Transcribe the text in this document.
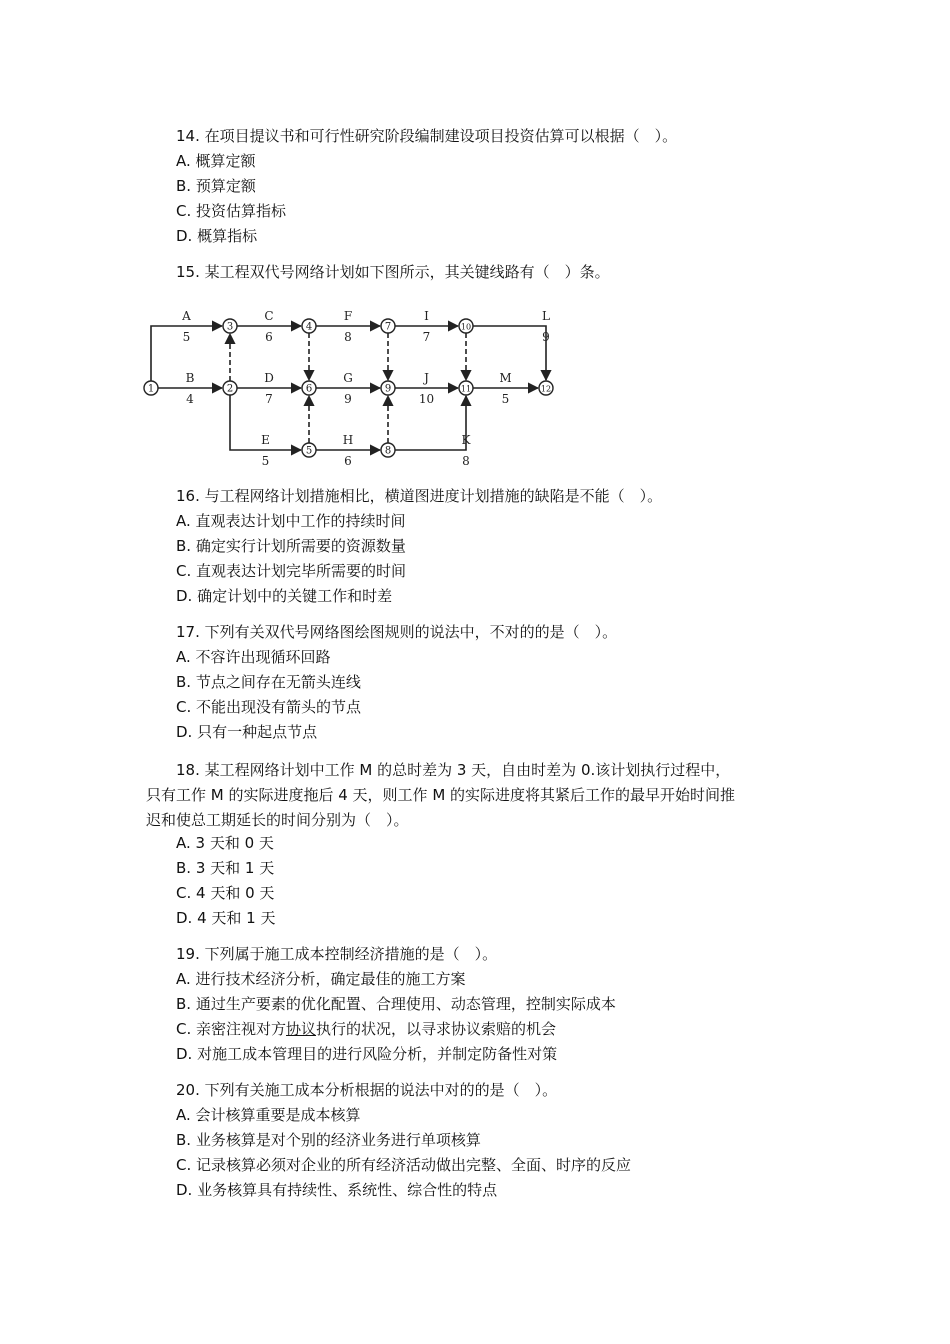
14. 在项目提议书和可行性研究阶段编制建设项目投资估算可以根据（　）。
A. 概算定额
B. 预算定额
C. 投资估算指标
D. 概算指标
15. 某工程双代号网络计划如下图所示，其关键线路有（　）条。
1	2
3	4
5
6
7
8
9
10
11	12
A
5
C
6
F
8
I
7
L
9
B
4
D
7
G
9
J
10
M
5
E
5
H
6
K
8
16. 与工程网络计划措施相比，横道图进度计划措施的缺陷是不能（　）。
A. 直观表达计划中工作的持续时间
B. 确定实行计划所需要的资源数量
C. 直观表达计划完毕所需要的时间
D. 确定计划中的关键工作和时差
17. 下列有关双代号网络图绘图规则的说法中，不对的的是（　）。
A. 不容许出现循环回路
B. 节点之间存在无箭头连线
C. 不能出现没有箭头的节点
D. 只有一种起点节点
18. 某工程网络计划中工作 M 的总时差为 3 天，自由时差为 0.该计划执行过程中，
只有工作 M 的实际进度拖后 4 天，则工作 M 的实际进度将其紧后工作的最早开始时间推
迟和使总工期延长的时间分别为（　）。
A. 3 天和 0 天
B. 3 天和 1 天
C. 4 天和 0 天
D. 4 天和 1 天
19. 下列属于施工成本控制经济措施的是（　）。
A. 进行技术经济分析，确定最佳的施工方案
B. 通过生产要素的优化配置、合理使用、动态管理，控制实际成本
C. 亲密注视对方协议执行的状况，以寻求协议索赔的机会
D. 对施工成本管理目的进行风险分析，并制定防备性对策
20. 下列有关施工成本分析根据的说法中对的的是（　）。
A. 会计核算重要是成本核算
B. 业务核算是对个别的经济业务进行单项核算
C. 记录核算必须对企业的所有经济活动做出完整、全面、时序的反应
D. 业务核算具有持续性、系统性、综合性的特点
